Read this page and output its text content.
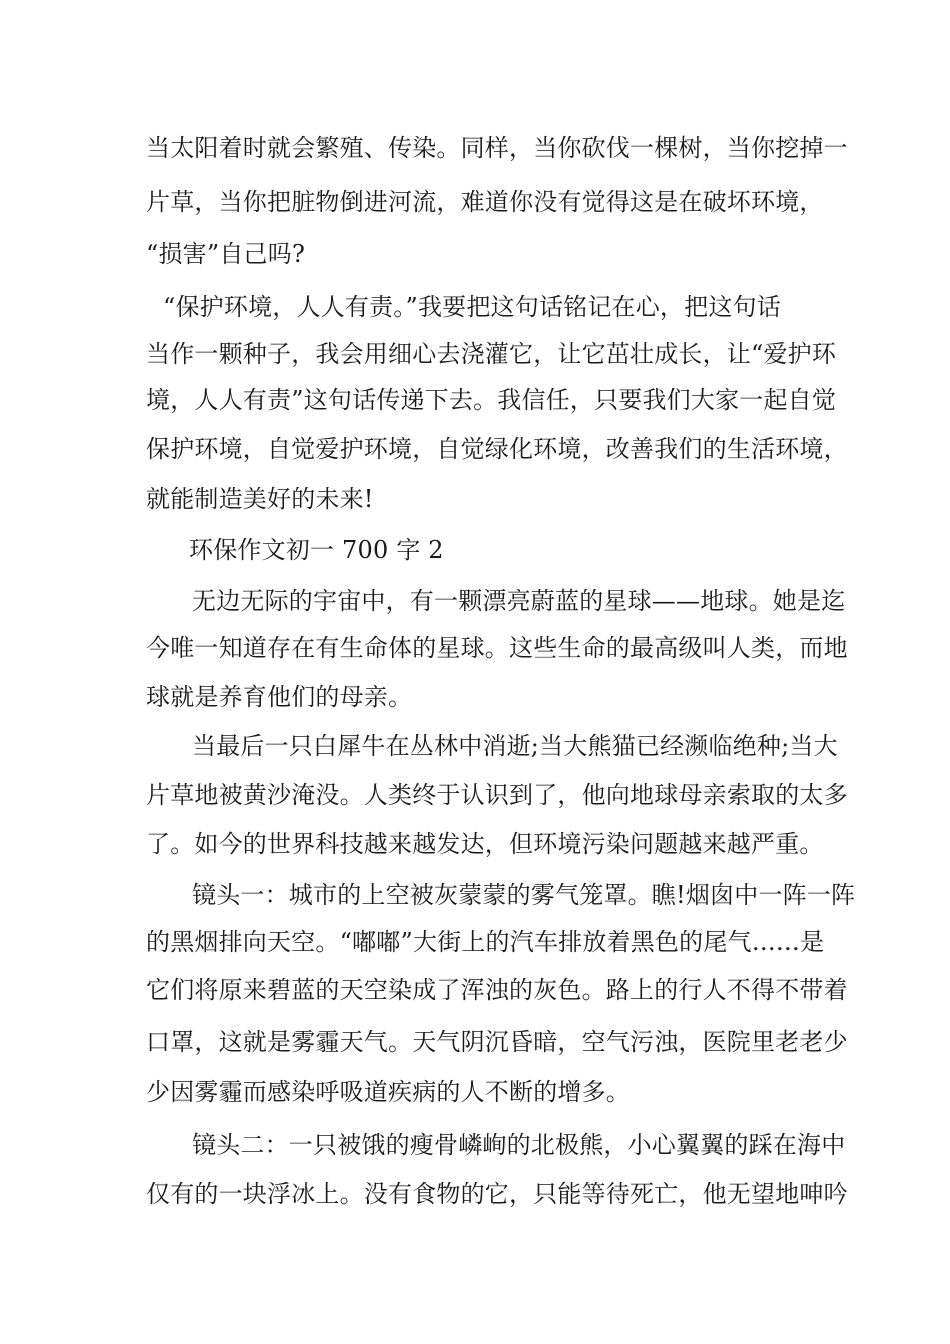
当太阳着时就会繁殖、传染。同样，当你砍伐一棵树，当你挖掉一
片草，当你把脏物倒进河流，难道你没有觉得这是在破坏环境，
“损害”自己吗?
“保护环境，人人有责。”我要把这句话铭记在心，把这句话
当作一颗种子，我会用细心去浇灌它，让它茁壮成长，让“爱护环
境，人人有责”这句话传递下去。我信任，只要我们大家一起自觉
保护环境，自觉爱护环境，自觉绿化环境，改善我们的生活环境，
就能制造美好的未来!
环保作文初一 700 字 2
无边无际的宇宙中，有一颗漂亮蔚蓝的星球——地球。她是迄
今唯一知道存在有生命体的星球。这些生命的最高级叫人类，而地
球就是养育他们的母亲。
当最后一只白犀牛在丛林中消逝;当大熊猫已经濒临绝种;当大
片草地被黄沙淹没。人类终于认识到了，他向地球母亲索取的太多
了。如今的世界科技越来越发达，但环境污染问题越来越严重。
镜头一：城市的上空被灰蒙蒙的雾气笼罩。瞧!烟囱中一阵一阵
的黑烟排向天空。“嘟嘟”大街上的汽车排放着黑色的尾气……是
它们将原来碧蓝的天空染成了浑浊的灰色。路上的行人不得不带着
口罩，这就是雾霾天气。天气阴沉昏暗，空气污浊，医院里老老少
少因雾霾而感染呼吸道疾病的人不断的增多。
镜头二：一只被饿的瘦骨嶙峋的北极熊，小心翼翼的踩在海中
仅有的一块浮冰上。没有食物的它，只能等待死亡，他无望地呻吟
